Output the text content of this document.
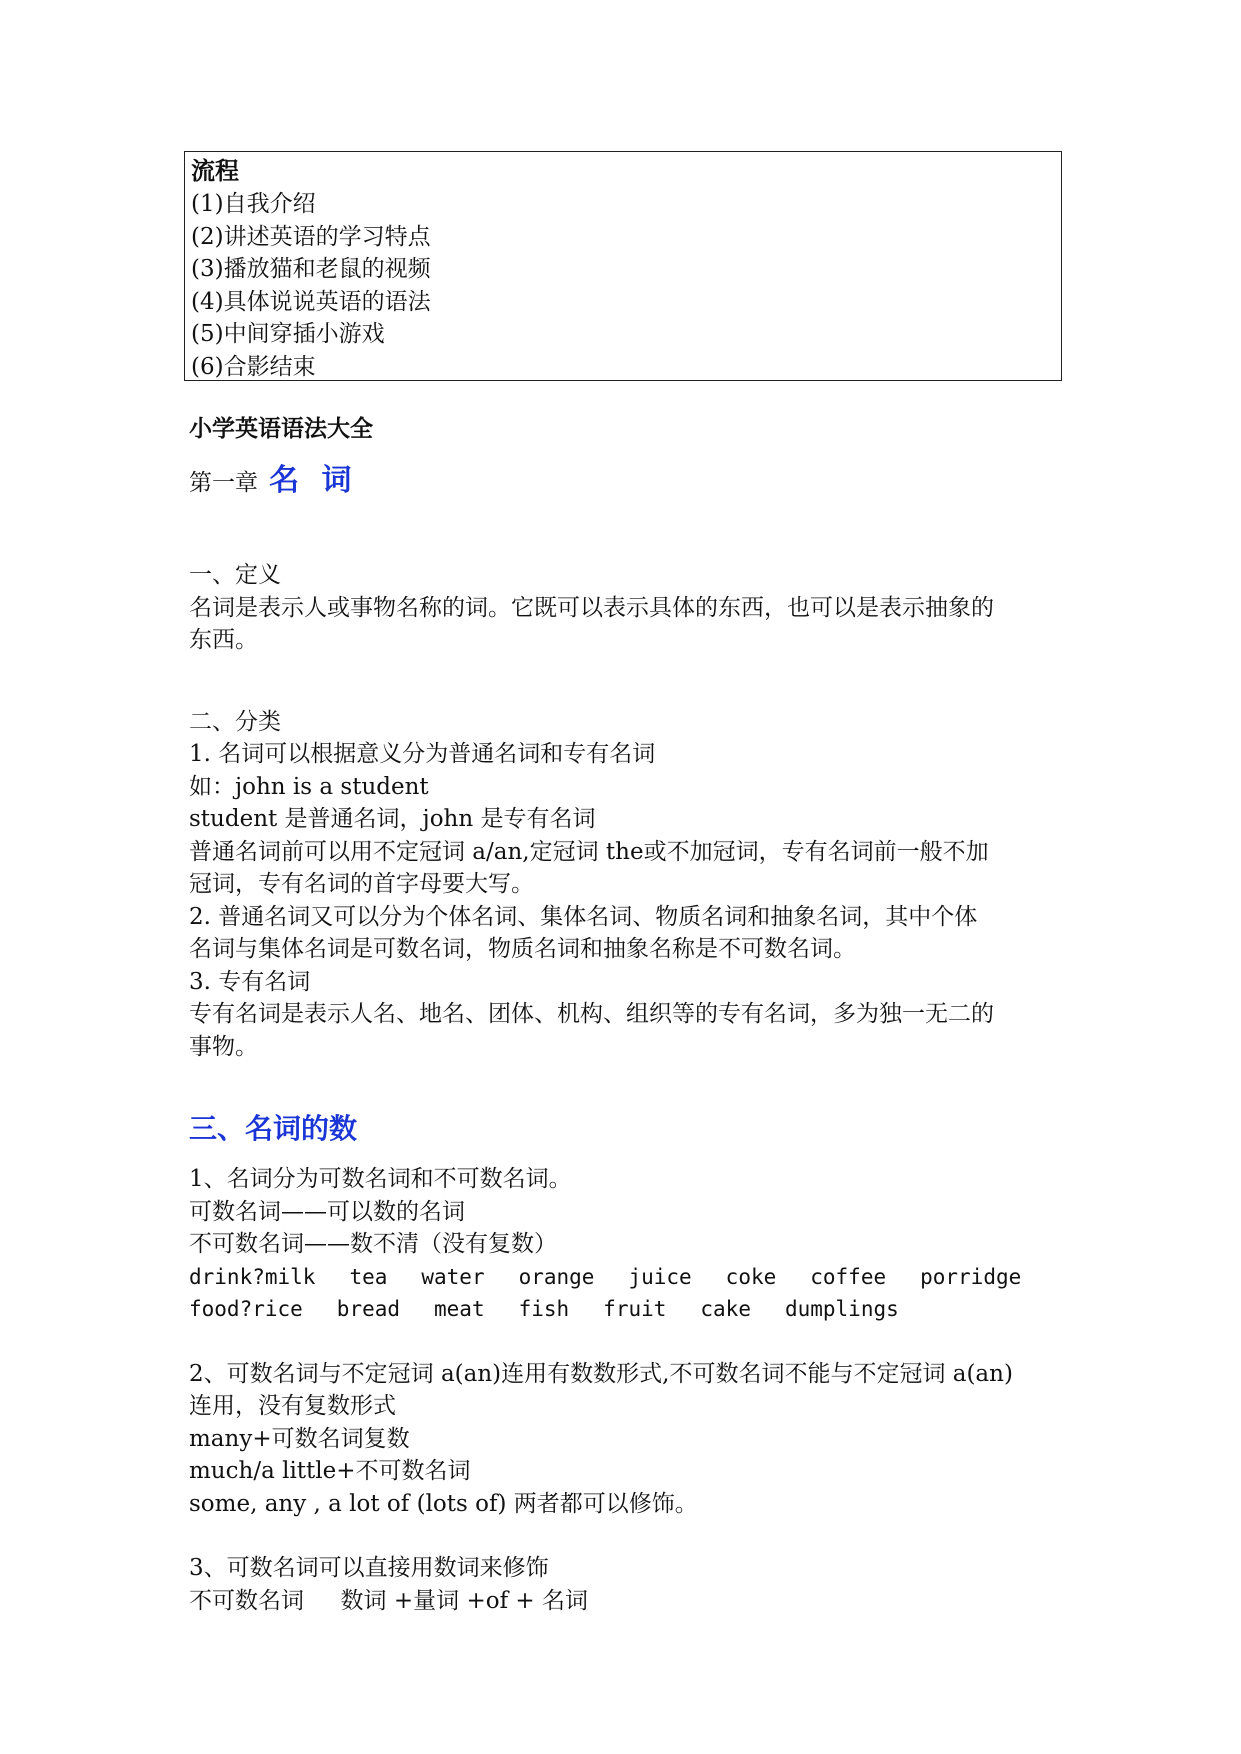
流程

(1)自我介绍

(2)讲述英语的学习特点

(3)播放猫和老鼠的视频

(4)具体说说英语的语法

(5)中间穿插小游戏

(6)合影结束

小学英语语法大全

第一章 名 词

一、定义

名词是表示人或事物名称的词。它既可以表示具体的东西，也可以是表示抽象的

东西。

二、分类

1. 名词可以根据意义分为普通名词和专有名词

如：john is a student

student 是普通名词，john 是专有名词

普通名词前可以用不定冠词 a/an,定冠词 the或不加冠词，专有名词前一般不加

冠词，专有名词的首字母要大写。

2. 普通名词又可以分为个体名词、集体名词、物质名词和抽象名词，其中个体

名词与集体名词是可数名词，物质名词和抽象名称是不可数名词。

3. 专有名词

专有名词是表示人名、地名、团体、机构、组织等的专有名词，多为独一无二的

事物。

三、名词的数

1、名词分为可数名词和不可数名词。

可数名词——可以数的名词

不可数名词——数不清（没有复数）

drink?milk tea water orange juice coke coffee porridge

food?rice bread meat fish fruit cake dumplings

2、可数名词与不定冠词 a(an)连用有数数形式,不可数名词不能与不定冠词 a(an)

连用，没有复数形式

many+可数名词复数

much/a little+不可数名词

some, any , a lot of (lots of) 两者都可以修饰。

3、可数名词可以直接用数词来修饰

不可数名词     数词 +量词 +of + 名词
